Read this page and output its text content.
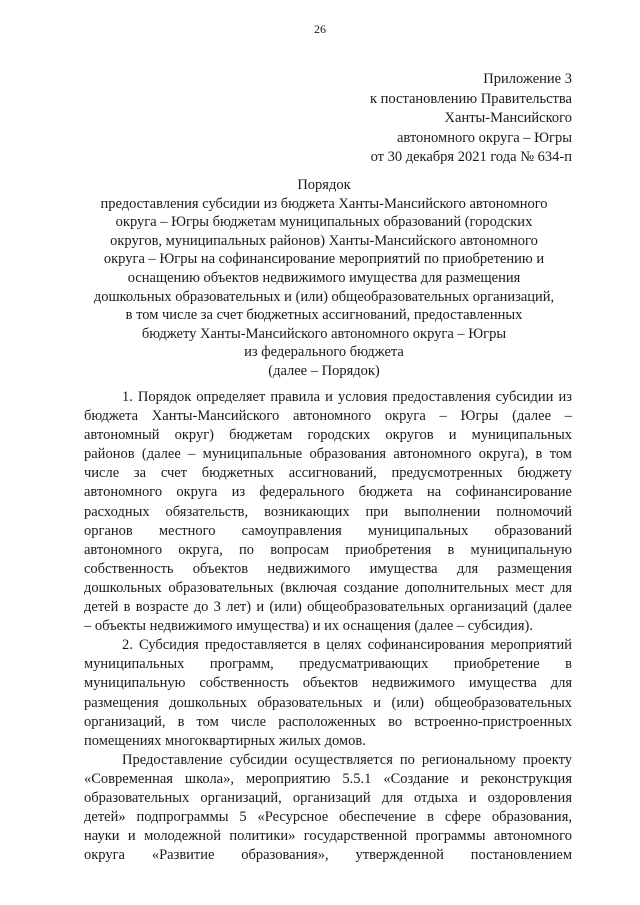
26
Приложение 3
к постановлению Правительства
Ханты-Мансийского
автономного округа – Югры
от 30 декабря 2021 года № 634-п
Порядок
предоставления субсидии из бюджета Ханты-Мансийского автономного
округа – Югры бюджетам муниципальных образований (городских
округов, муниципальных районов) Ханты-Мансийского автономного
округа – Югры на софинансирование мероприятий по приобретению и
оснащению объектов недвижимого имущества для размещения
дошкольных образовательных и (или) общеобразовательных организаций,
в том числе за счет бюджетных ассигнований, предоставленных
бюджету Ханты-Мансийского автономного округа – Югры
из федерального бюджета
(далее – Порядок)
1. Порядок определяет правила и условия предоставления субсидии из
бюджета Ханты-Мансийского автономного округа – Югры (далее –
автономный округ) бюджетам городских округов и муниципальных
районов (далее – муниципальные образования автономного округа), в том
числе за счет бюджетных ассигнований, предусмотренных бюджету
автономного округа из федерального бюджета на софинансирование
расходных обязательств, возникающих при выполнении полномочий
органов местного самоуправления муниципальных образований
автономного округа, по вопросам приобретения в муниципальную
собственность объектов недвижимого имущества для размещения
дошкольных образовательных (включая создание дополнительных мест для
детей в возрасте до 3 лет) и (или) общеобразовательных организаций (далее
– объекты недвижимого имущества) и их оснащения (далее – субсидия).
2. Субсидия предоставляется в целях софинансирования мероприятий
муниципальных программ, предусматривающих приобретение в
муниципальную собственность объектов недвижимого имущества для
размещения дошкольных образовательных и (или) общеобразовательных
организаций, в том числе расположенных во встроенно-пристроенных
помещениях многоквартирных жилых домов.
Предоставление субсидии осуществляется по региональному проекту
«Современная школа», мероприятию 5.5.1 «Создание и реконструкция
образовательных организаций, организаций для отдыха и оздоровления
детей» подпрограммы 5 «Ресурсное обеспечение в сфере образования,
науки и молодежной политики» государственной программы автономного
округа «Развитие образования», утвержденной постановлением
